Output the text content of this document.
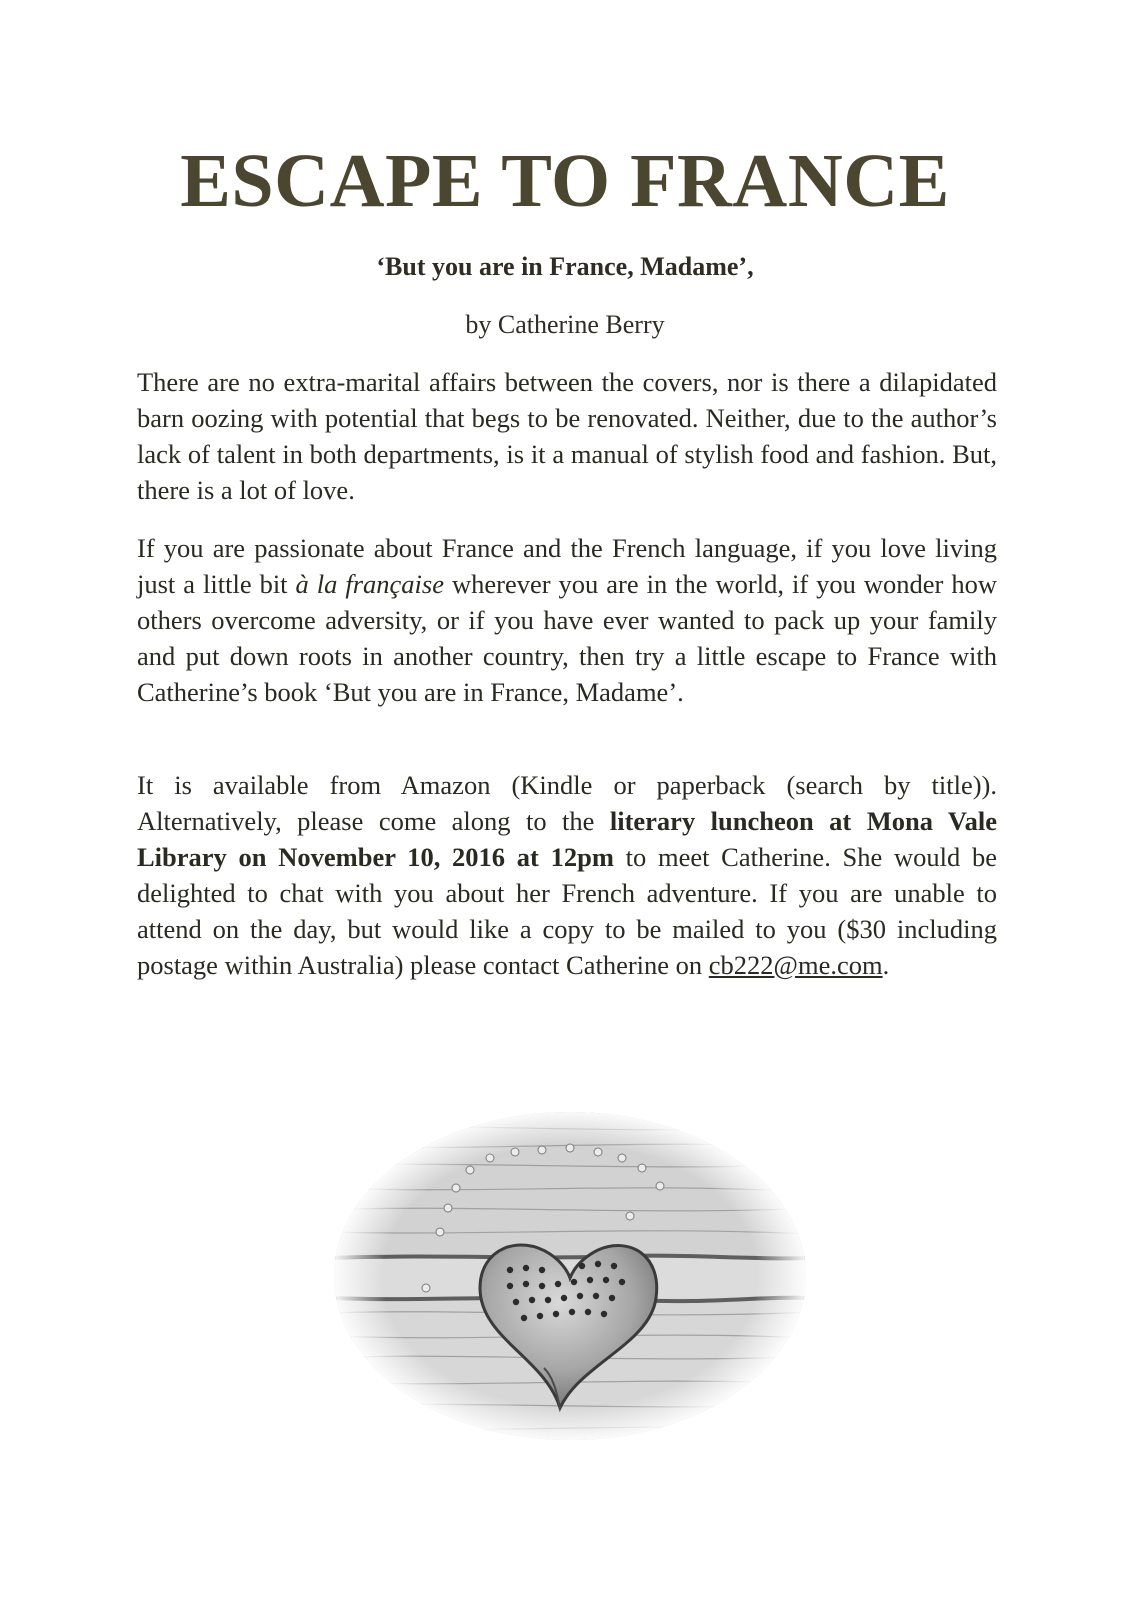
ESCAPE TO FRANCE

‘But you are in France, Madame’,

by Catherine Berry

There are no extra-marital affairs between the covers, nor is there a dilapidated barn oozing with potential that begs to be renovated. Neither, due to the author’s lack of talent in both departments, is it a manual of stylish food and fashion. But, there is a lot of love.

If you are passionate about France and the French language, if you love living just a little bit à la française wherever you are in the world, if you wonder how others overcome adversity, or if you have ever wanted to pack up your family and put down roots in another country, then try a little escape to France with Catherine’s book ‘But you are in France, Madame’.

It is available from Amazon (Kindle or paperback (search by title)). Alternatively, please come along to the literary luncheon at Mona Vale Library on November 10, 2016 at 12pm to meet Catherine. She would be delighted to chat with you about her French adventure. If you are unable to attend on the day, but would like a copy to be mailed to you ($30 including postage within Australia) please contact Catherine on cb222@me.com.
